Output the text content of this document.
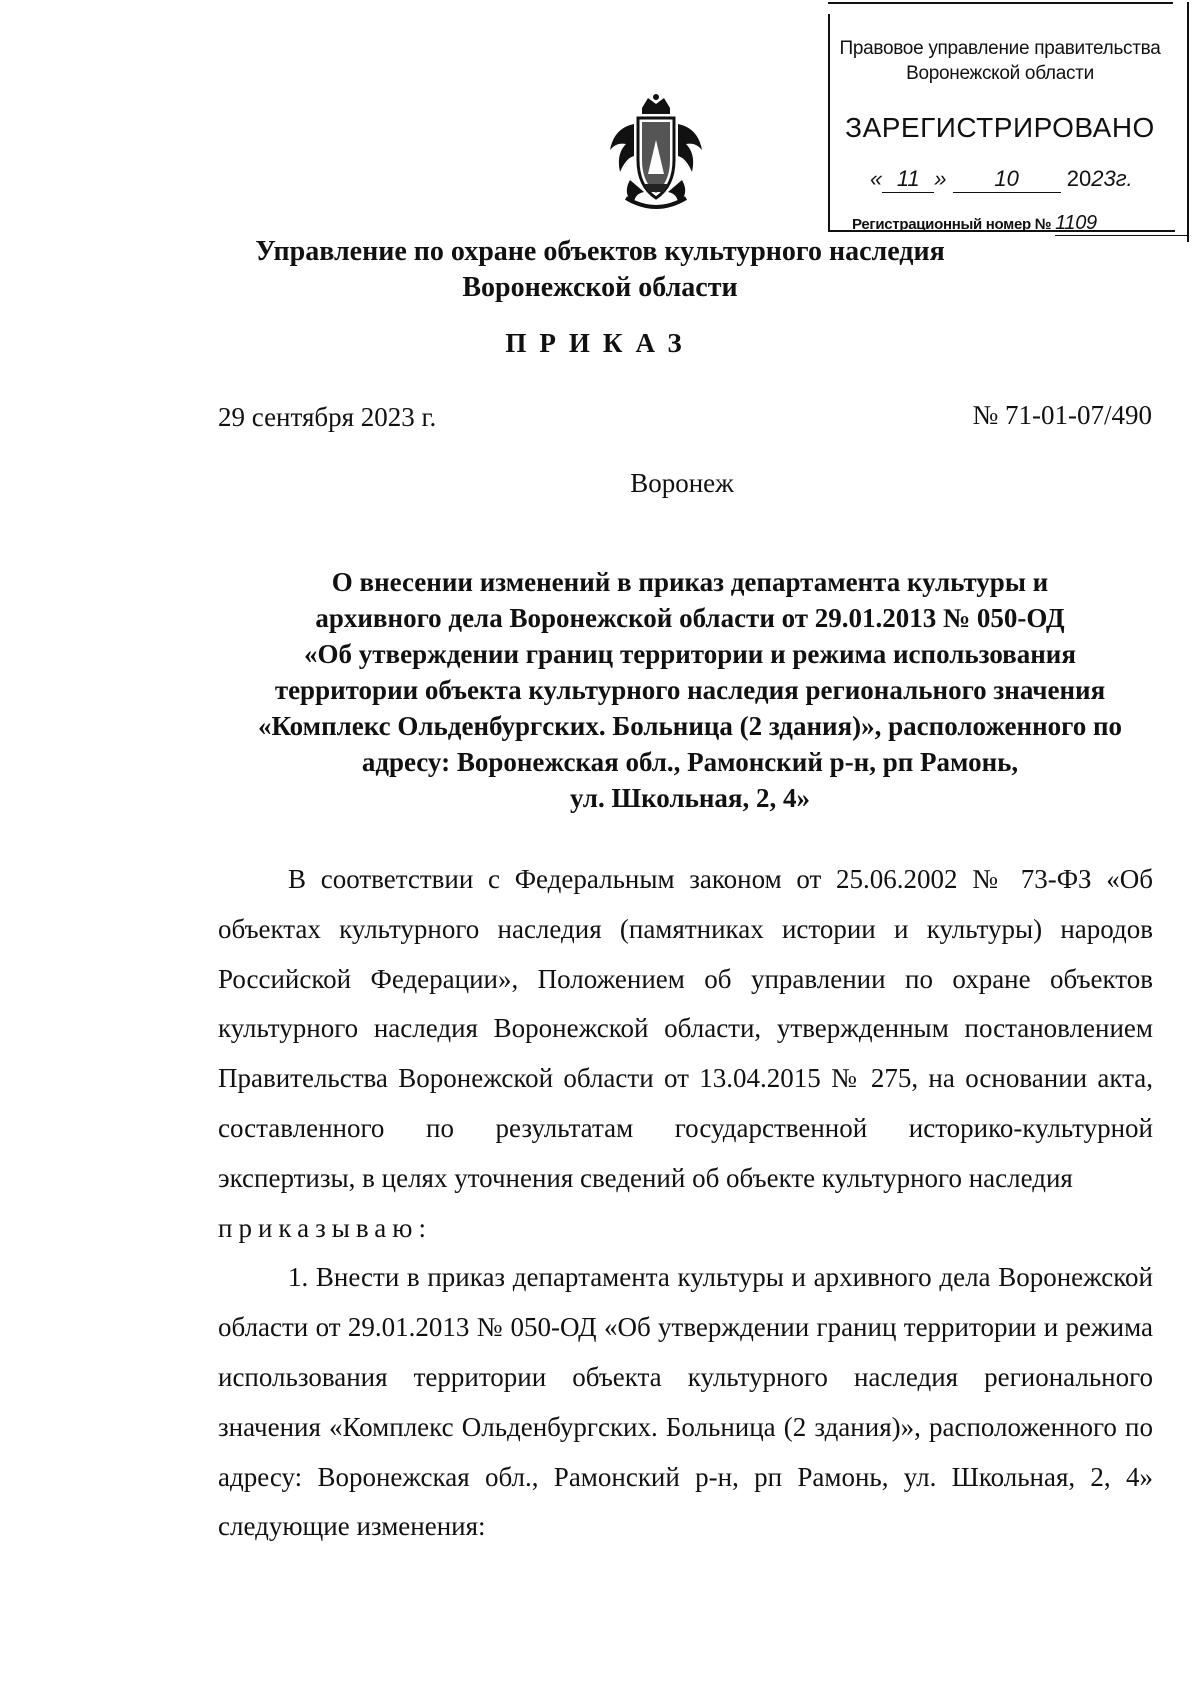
Правовое управление правительства Воронежской области
ЗАРЕГИСТРИРОВАНО
« 11 » 10 2023г.
Регистрационный номер № 1109
Управление по охране объектов культурного наследия
Воронежской области
ПРИКАЗ
29 сентября 2023 г.	№ 71-01-07/490
Воронеж
О внесении изменений в приказ департамента культуры и
архивного дела Воронежской области от 29.01.2013 № 050-ОД
«Об утверждении границ территории и режима использования
территории объекта культурного наследия регионального значения
«Комплекс Ольденбургских. Больница (2 здания)», расположенного по
адресу: Воронежская обл., Рамонский р-н, рп Рамонь,
ул. Школьная, 2, 4»

В соответствии с Федеральным законом от 25.06.2002 № 73-ФЗ «Об объектах культурного наследия (памятниках истории и культуры) народов Российской Федерации», Положением об управлении по охране объектов культурного наследия Воронежской области, утвержденным постановлением Правительства Воронежской области от 13.04.2015 № 275, на основании акта, составленного по результатам государственной историко-культурной экспертизы, в целях уточнения сведений об объекте культурного наследия

приказываю:

1. Внести в приказ департамента культуры и архивного дела Воронежской области от 29.01.2013 № 050-ОД «Об утверждении границ территории и режима использования территории объекта культурного наследия регионального значения «Комплекс Ольденбургских. Больница (2 здания)», расположенного по адресу: Воронежская обл., Рамонский р-н, рп Рамонь, ул. Школьная, 2, 4» следующие изменения:
